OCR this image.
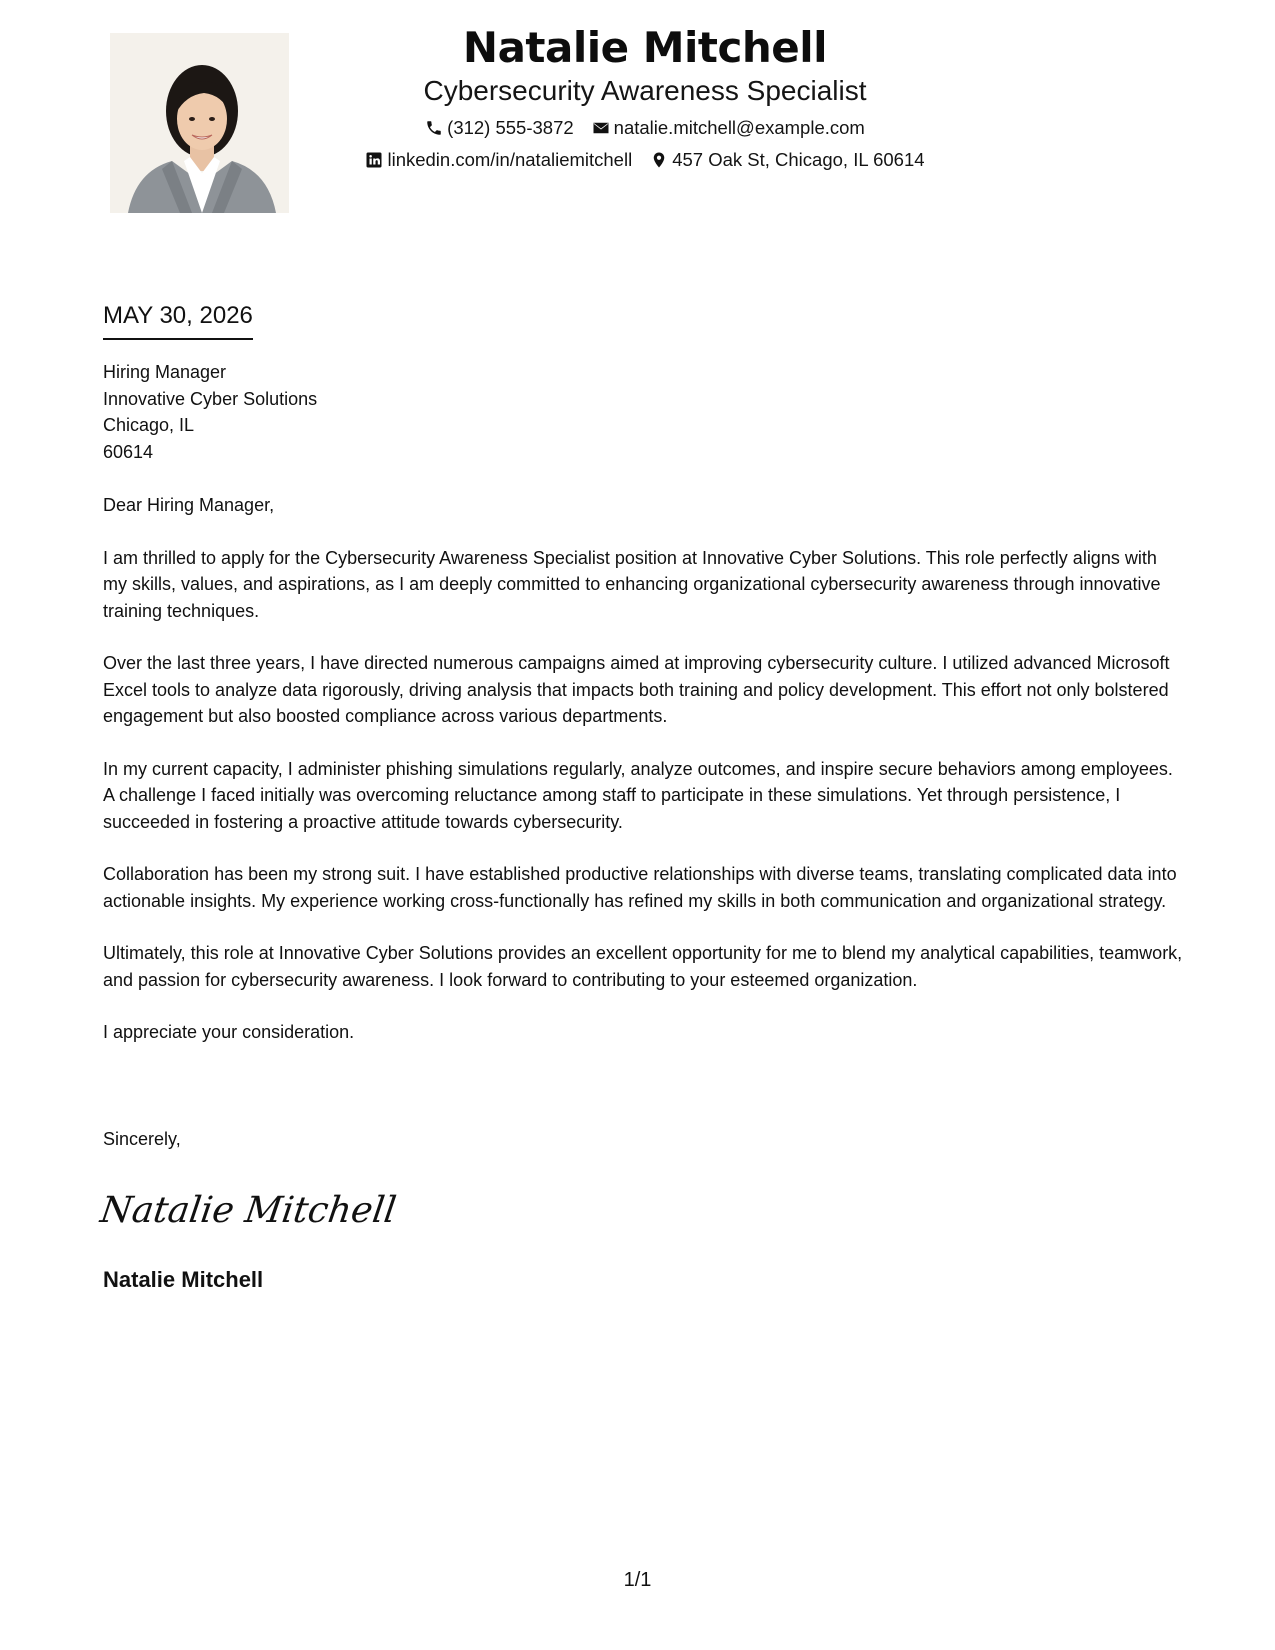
Natalie Mitchell
Cybersecurity Awareness Specialist
(312) 555-3872 natalie.mitchell@example.com
linkedin.com/in/nataliemitchell 457 Oak St, Chicago, IL 60614
MAY 30, 2026
Hiring Manager
Innovative Cyber Solutions
Chicago, IL
60614

Dear Hiring Manager,

I am thrilled to apply for the Cybersecurity Awareness Specialist position at Innovative Cyber Solutions. This role perfectly aligns with my skills, values, and aspirations, as I am deeply committed to enhancing organizational cybersecurity awareness through innovative training techniques.

Over the last three years, I have directed numerous campaigns aimed at improving cybersecurity culture. I utilized advanced Microsoft Excel tools to analyze data rigorously, driving analysis that impacts both training and policy development. This effort not only bolstered engagement but also boosted compliance across various departments.

In my current capacity, I administer phishing simulations regularly, analyze outcomes, and inspire secure behaviors among employees. A challenge I faced initially was overcoming reluctance among staff to participate in these simulations. Yet through persistence, I succeeded in fostering a proactive attitude towards cybersecurity.

Collaboration has been my strong suit. I have established productive relationships with diverse teams, translating complicated data into actionable insights. My experience working cross-functionally has refined my skills in both communication and organizational strategy.

Ultimately, this role at Innovative Cyber Solutions provides an excellent opportunity for me to blend my analytical capabilities, teamwork, and passion for cybersecurity awareness. I look forward to contributing to your esteemed organization.

I appreciate your consideration.

Sincerely,
Natalie Mitchell
Natalie Mitchell
1/1
